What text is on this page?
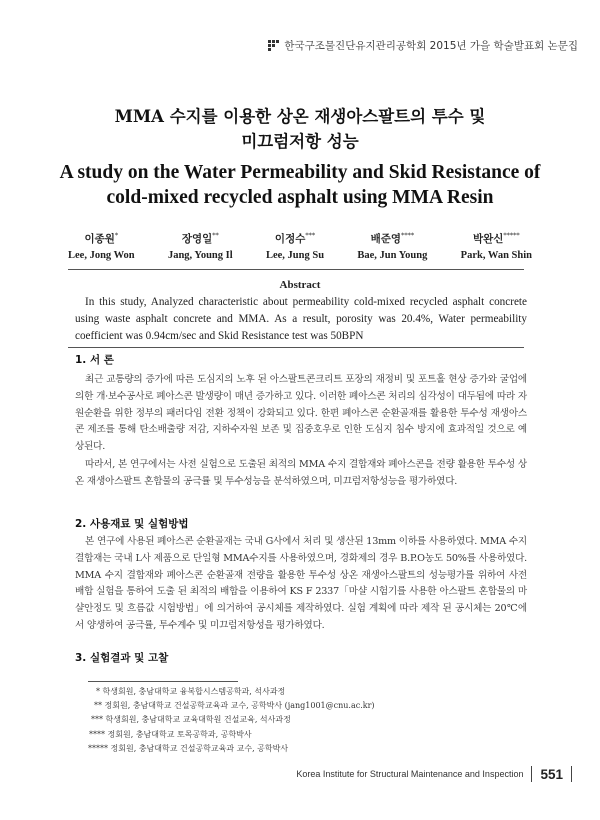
한국구조물진단유지관리공학회 2015년 가을 학술발표회 논문집
MMA 수지를 이용한 상온 재생아스팔트의 투수 및
미끄럼저항 성능
A study on the Water Permeability and Skid Resistance of
cold-mixed recycled asphalt using MMA Resin
이종원*
Lee, Jong Won
장영일**
Jang, Young Il
이정수***
Lee, Jung Su
배준영****
Bae, Jun Young
박완신*****
Park, Wan Shin
Abstract

In this study, Analyzed characteristic about permeability cold-mixed recycled asphalt concrete using waste asphalt concrete and MMA. As a result, porosity was 20.4%, Water permeability coefficient was 0.94cm/sec and Skid Resistance test was 50BPN

1. 서 론

최근 교통량의 증가에 따른 도심지의 노후 된 아스팔트콘크리트 포장의 재정비 및 포트홀 현상 증가와 굴업에 의한 개·보수공사로 폐아스콘 발생량이 매년 증가하고 있다. 이러한 폐아스콘 처리의 심각성이 대두됨에 따라 자원순환을 위한 정부의 패러다임 전환 정책이 강화되고 있다. 한편 폐아스콘 순환골재를 활용한 투수성 재생아스콘 제조를 통해 탄소배출량 저감, 지하수자원 보존 및 집중호우로 인한 도심지 침수 방지에 효과적일 것으로 예상된다.

따라서, 본 연구에서는 사전 실험으로 도출된 최적의 MMA 수지 결합재와 폐아스콘을 전량 활용한 투수성 상온 재생아스팔트 혼합물의 공극률 및 투수성능을 분석하였으며, 미끄럼저항성능을 평가하였다.

2. 사용재료 및 실험방법

본 연구에 사용된 폐아스콘 순환골재는 국내 G사에서 처리 및 생산된 13mm 이하를 사용하였다. MMA 수지 결합재는 국내 L사 제품으로 단일형 MMA수지를 사용하였으며, 경화제의 경우 B.P.O농도 50%를 사용하였다. MMA 수지 결합재와 폐아스콘 순환골재 전량을 활용한 투수성 상온 재생아스팔트의 성능평가를 위하여 사전 배합 실험을 통하여 도출 된 최적의 배합을 이용하여 KS F 2337「마샬 시험기를 사용한 아스팔트 혼합물의 마샬안정도 및 흐름값 시험방법」에 의거하여 공시체를 제작하였다. 실험 계획에 따라 제작 된 공시체는 20℃에서 양생하여 공극률, 투수계수 및 미끄럼저항성을 평가하였다.

3. 실험결과 및 고찰
* 학생회원, 충남대학교 융복합시스템공학과, 석사과정
** 정회원, 충남대학교 건설공학교육과 교수, 공학박사 (jang1001@cnu.ac.kr)
*** 학생회원, 충남대학교 교육대학원 건설교육, 석사과정
**** 정회원, 충남대학교 토목공학과, 공학박사
***** 정회원, 충남대학교 건설공학교육과 교수, 공학박사
Korea Institute for Structural Maintenance and Inspection 551
